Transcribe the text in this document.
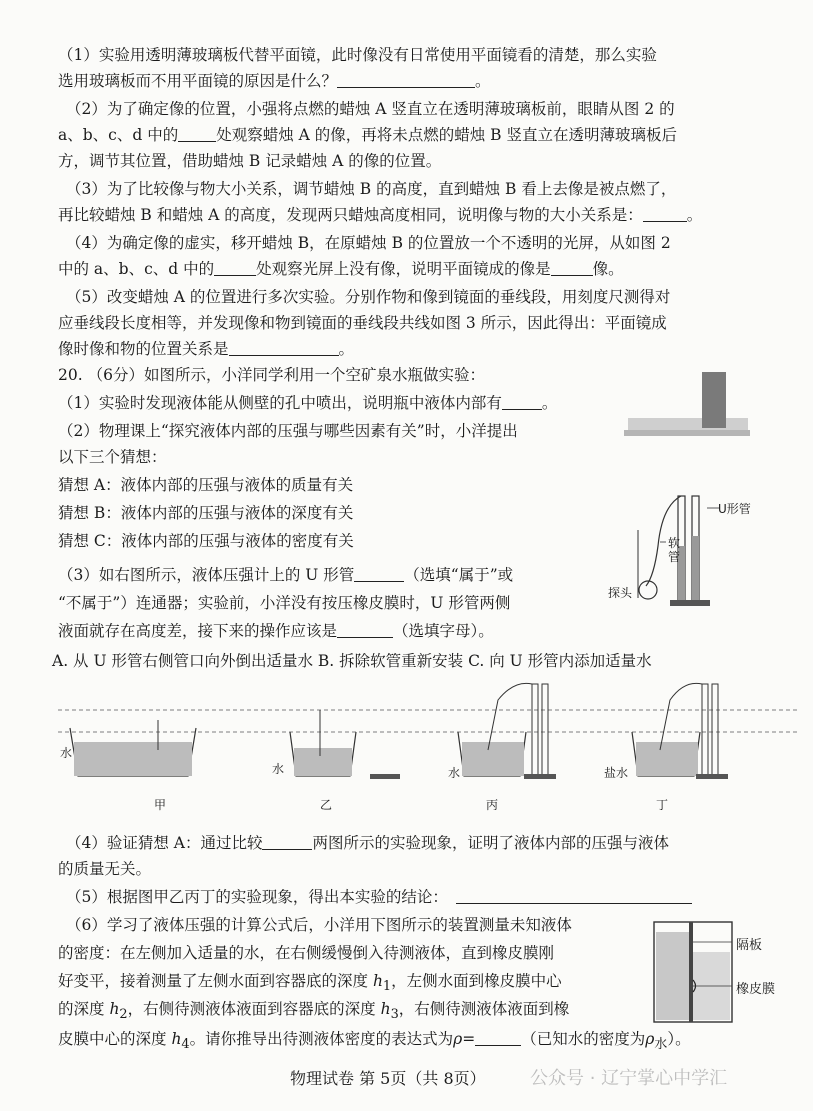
（1）实验用透明薄玻璃板代替平面镜，此时像没有日常使用平面镜看的清楚，那么实验
选用玻璃板而不用平面镜的原因是什么？	。
（2）为了确定像的位置，小强将点燃的蜡烛 A 竖直立在透明薄玻璃板前，眼睛从图 2 的
a、b、c、d 中的 处观察蜡烛 A 的像，再将未点燃的蜡烛 B 竖直立在透明薄玻璃板后
方，调节其位置，借助蜡烛 B 记录蜡烛 A 的像的位置。
（3）为了比较像与物大小关系，调节蜡烛 B 的高度，直到蜡烛 B 看上去像是被点燃了，
再比较蜡烛 B 和蜡烛 A 的高度，发现两只蜡烛高度相同，说明像与物的大小关系是：	。
（4）为确定像的虚实，移开蜡烛 B，在原蜡烛 B 的位置放一个不透明的光屏，从如图 2
中的 a、b、c、d 中的	处观察光屏上没有像，说明平面镜成的像是	像。
（5）改变蜡烛 A 的位置进行多次实验。分别作物和像到镜面的垂线段，用刻度尺测得对
应垂线段长度相等，并发现像和物到镜面的垂线段共线如图 3 所示，因此得出：平面镜成
像时像和物的位置关系是	。
20. （6分）如图所示，小洋同学利用一个空矿泉水瓶做实验：
（1）实验时发现液体能从侧壁的孔中喷出，说明瓶中液体内部有	。
（2）物理课上“探究液体内部的压强与哪些因素有关”时，小洋提出
以下三个猜想：
猜想 A：液体内部的压强与液体的质量有关
猜想 B：液体内部的压强与液体的深度有关
猜想 C：液体内部的压强与液体的密度有关
（3）如右图所示，液体压强计上的 U 形管	（选填“属于”或
“不属于”）连通器；实验前，小洋没有按压橡皮膜时，U 形管两侧
液面就存在高度差，接下来的操作应该是	（选填字母）。
U形管
软
管
探头
A. 从 U 形管右侧管口向外倒出适量水 B. 拆除软管重新安装 C. 向 U 形管内添加适量水
水
水	水	盐水
甲	乙	丙	丁
（4）验证猜想 A：通过比较	两图所示的实验现象，证明了液体内部的压强与液体
的质量无关。
（5）根据图甲乙丙丁的实验现象，得出本实验的结论：
（6）学习了液体压强的计算公式后，小洋用下图所示的装置测量未知液体
的密度：在左侧加入适量的水，在右侧缓慢倒入待测液体，直到橡皮膜刚
好变平，接着测量了左侧水面到容器底的深度 $h_1$，左侧水面到橡皮膜中心
的深度 $h_2$，右侧待测液体液面到容器底的深度 $h_3$，右侧待测液体液面到橡
皮膜中心的深度 $h_4$。请你推导出待测液体密度的表达式为ρ=	（已知水的密度为$\rho_水$）。
隔板
橡皮膜
物理试卷 第 5页（共 8页） 公众号 · 辽宁掌心中学汇
